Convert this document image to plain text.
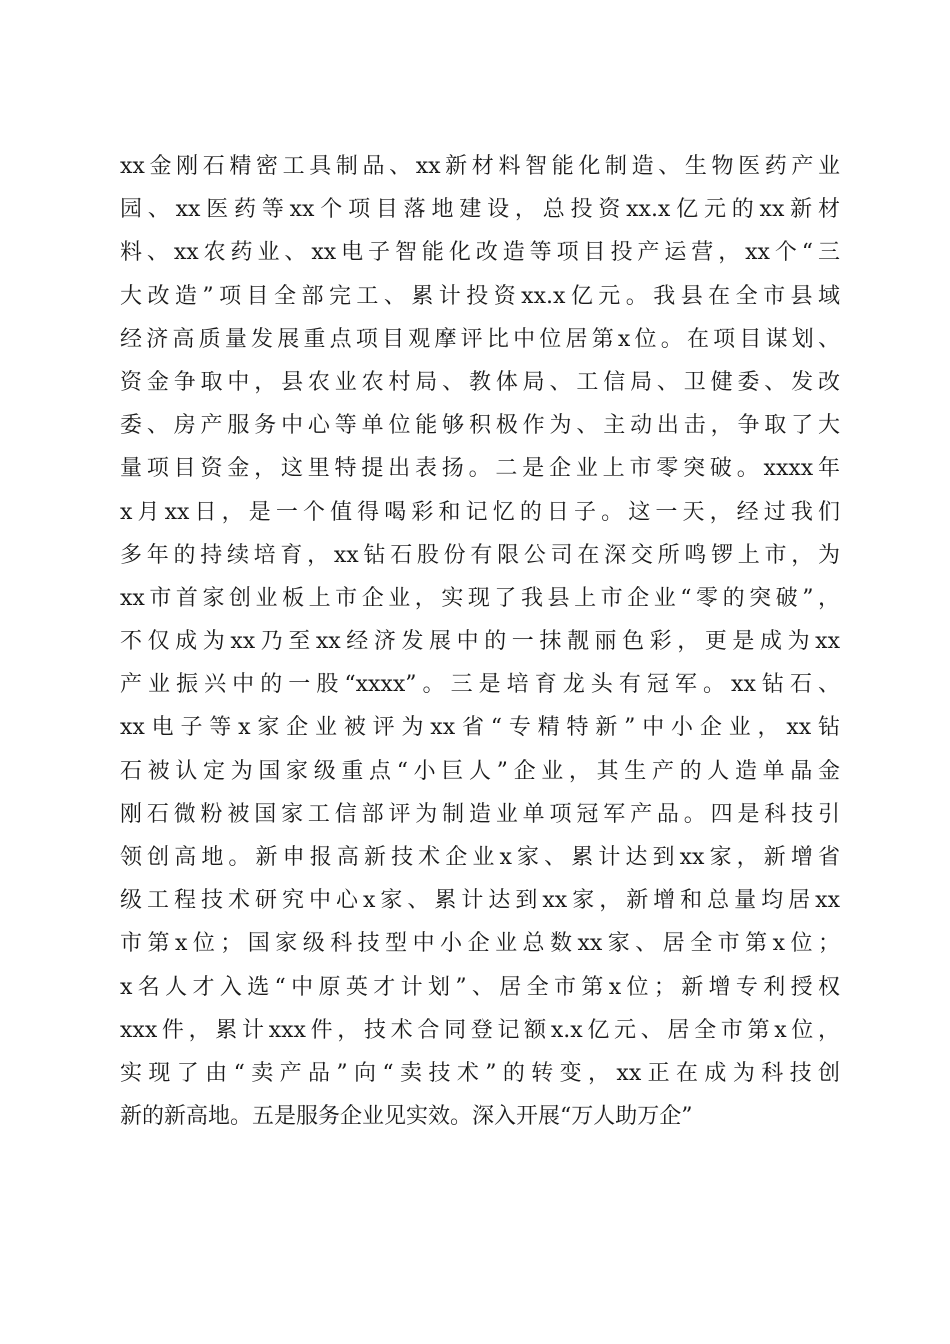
xx金刚石精密工具制品、xx新材料智能化制造、生物医药产业
园、xx医药等xx个项目落地建设，总投资xx.x亿元的xx新材
料、xx农药业、xx电子智能化改造等项目投产运营，xx个“三
大改造”项目全部完工、累计投资xx.x亿元。我县在全市县域
经济高质量发展重点项目观摩评比中位居第x位。在项目谋划、
资金争取中，县农业农村局、教体局、工信局、卫健委、发改
委、房产服务中心等单位能够积极作为、主动出击，争取了大
量项目资金，这里特提出表扬。二是企业上市零突破。xxxx年
x月xx日，是一个值得喝彩和记忆的日子。这一天，经过我们
多年的持续培育，xx钻石股份有限公司在深交所鸣锣上市，为
xx市首家创业板上市企业，实现了我县上市企业“零的突破”，
不仅成为xx乃至xx经济发展中的一抹靓丽色彩，更是成为xx
产业振兴中的一股“xxxx”。三是培育龙头有冠军。xx钻石、
xx电子等x家企业被评为xx省“专精特新”中小企业，xx钻
石被认定为国家级重点“小巨人”企业，其生产的人造单晶金
刚石微粉被国家工信部评为制造业单项冠军产品。四是科技引
领创高地。新申报高新技术企业x家、累计达到xx家，新增省
级工程技术研究中心x家、累计达到xx家，新增和总量均居xx
市第x位；国家级科技型中小企业总数xx家、居全市第x位；
x名人才入选“中原英才计划”、居全市第x位；新增专利授权
xxx件，累计xxx件，技术合同登记额x.x亿元、居全市第x位，
实现了由“卖产品”向“卖技术”的转变，xx正在成为科技创
新的新高地。五是服务企业见实效。深入开展“万人助万企”
